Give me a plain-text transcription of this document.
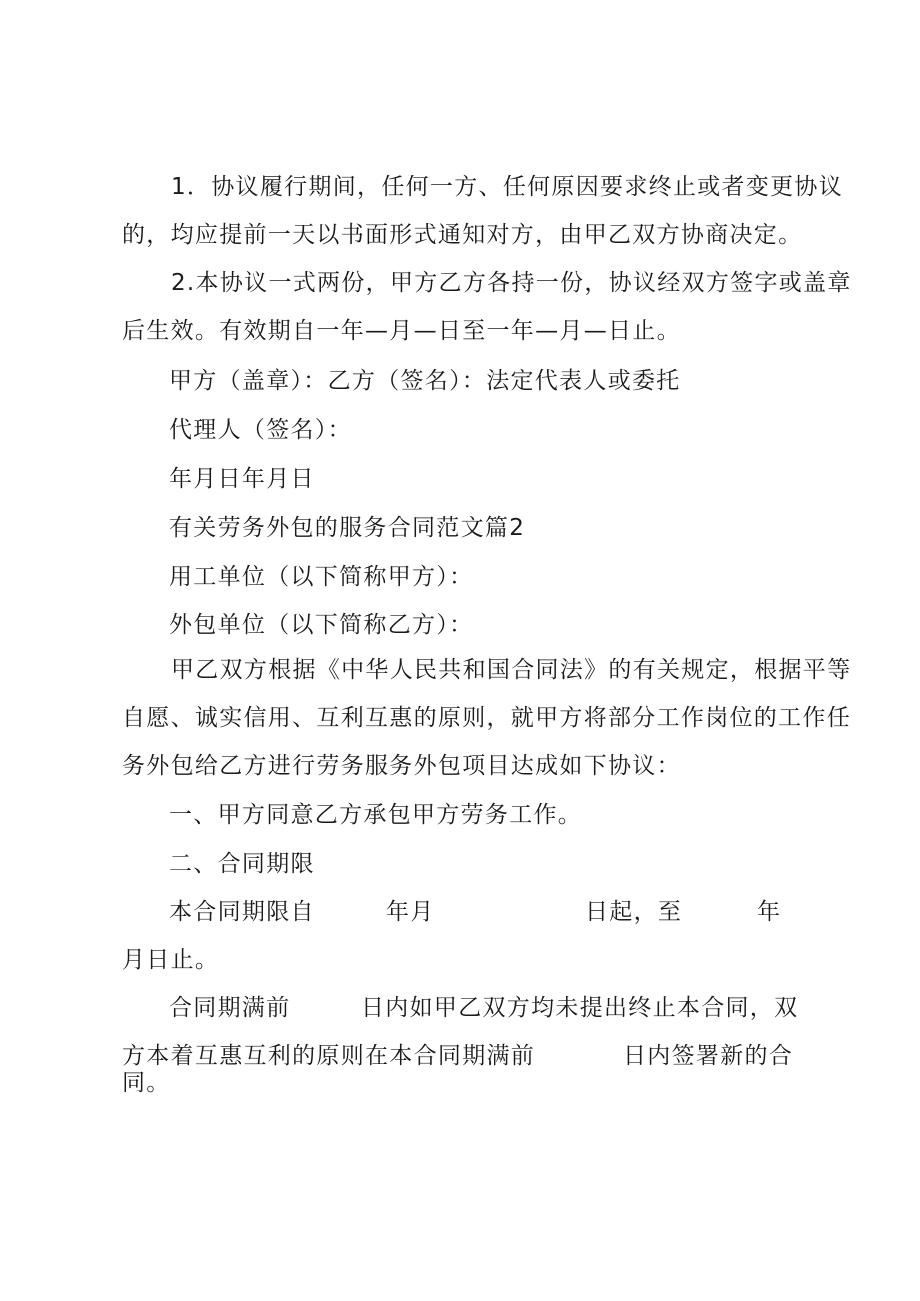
1．协议履行期间，任何一方、任何原因要求终止或者变更协议
的，均应提前一天以书面形式通知对方，由甲乙双方协商决定。
2.本协议一式两份，甲方乙方各持一份，协议经双方签字或盖章
后生效。有效期自一年—月—日至一年—月—日止。
甲方（盖章）：乙方（签名）：法定代表人或委托
代理人（签名）：
年月日年月日
有关劳务外包的服务合同范文篇2
用工单位（以下简称甲方）：
外包单位（以下简称乙方）：
甲乙双方根据《中华人民共和国合同法》的有关规定，根据平等
自愿、诚实信用、互利互惠的原则，就甲方将部分工作岗位的工作任
务外包给乙方进行劳务服务外包项目达成如下协议：
一、甲方同意乙方承包甲方劳务工作。
二、合同期限
本合同期限自	年月	日起，至	年
月日止。
合同期满前	日内如甲乙双方均未提出终止本合同，双
方本着互惠互利的原则在本合同期满前	日内签署新的合
同。
